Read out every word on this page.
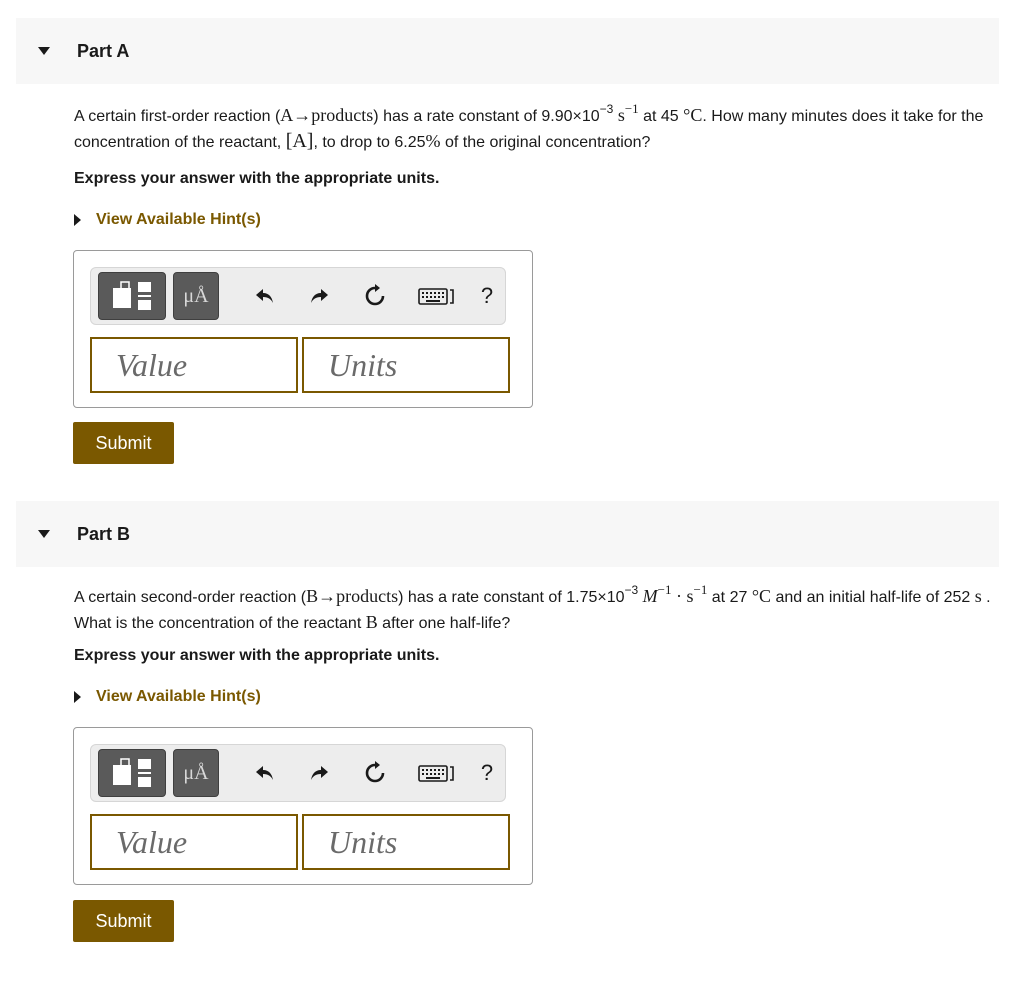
Part A
A certain first-order reaction (A→products) has a rate constant of $9.90\times 10^{-3}$ $s^{-1}$ at 45 °C. How many minutes does it take for the concentration of the reactant, [A], to drop to 6.25% of the original concentration?
Express your answer with the appropriate units.
View Available Hint(s)
μÅ	?
Value	Units
Submit
Part B
A certain second-order reaction (B→products) has a rate constant of $1.75\times 10^{-3}$ $M^{-1} \cdot s^{-1}$ at 27 °C and an initial half-life of 252 s . What is the concentration of the reactant B after one half-life?
Express your answer with the appropriate units.
View Available Hint(s)
μÅ	?
Value	Units
Submit
